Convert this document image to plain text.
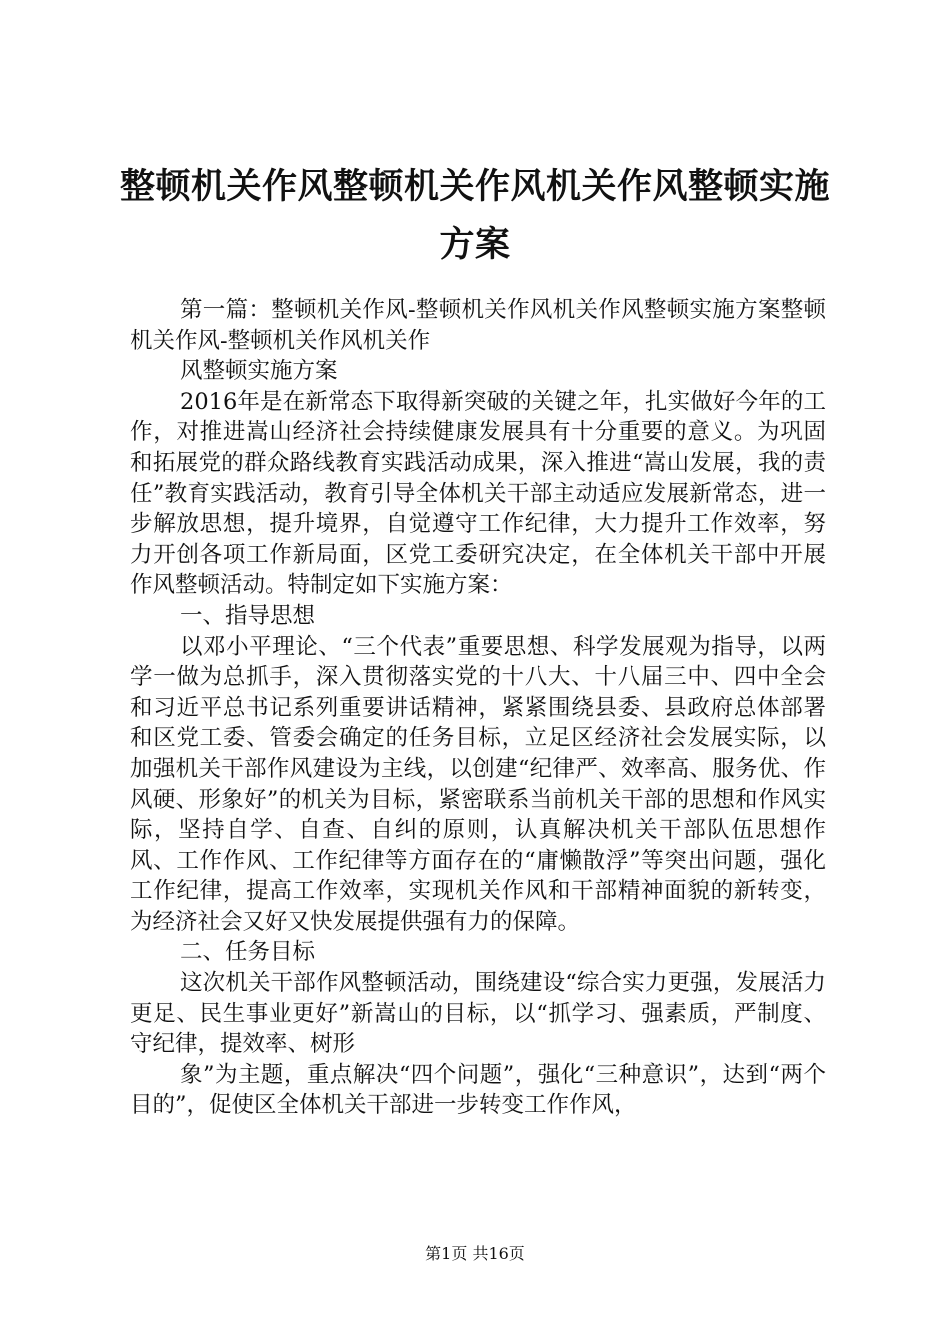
整顿机关作风整顿机关作风机关作风整顿实施方案

第一篇：整顿机关作风-整顿机关作风机关作风整顿实施方案整顿机关作风-整顿机关作风机关作

风整顿实施方案

2016年是在新常态下取得新突破的关键之年，扎实做好今年的工作，对推进嵩山经济社会持续健康发展具有十分重要的意义。为巩固和拓展党的群众路线教育实践活动成果，深入推进“嵩山发展，我的责任”教育实践活动，教育引导全体机关干部主动适应发展新常态，进一步解放思想，提升境界，自觉遵守工作纪律，大力提升工作效率，努力开创各项工作新局面，区党工委研究决定，在全体机关干部中开展作风整顿活动。特制定如下实施方案：

一、指导思想

以邓小平理论、“三个代表”重要思想、科学发展观为指导，以两学一做为总抓手，深入贯彻落实党的十八大、十八届三中、四中全会和习近平总书记系列重要讲话精神，紧紧围绕县委、县政府总体部署和区党工委、管委会确定的任务目标，立足区经济社会发展实际，以加强机关干部作风建设为主线，以创建“纪律严、效率高、服务优、作风硬、形象好”的机关为目标，紧密联系当前机关干部的思想和作风实际，坚持自学、自查、自纠的原则，认真解决机关干部队伍思想作风、工作作风、工作纪律等方面存在的“庸懒散浮”等突出问题，强化工作纪律，提高工作效率，实现机关作风和干部精神面貌的新转变，为经济社会又好又快发展提供强有力的保障。

二、任务目标

这次机关干部作风整顿活动，围绕建设“综合实力更强，发展活力更足、民生事业更好”新嵩山的目标，以“抓学习、强素质，严制度、守纪律，提效率、树形

象”为主题，重点解决“四个问题”，强化“三种意识”，达到“两个目的”，促使区全体机关干部进一步转变工作作风，

第1页 共16页
